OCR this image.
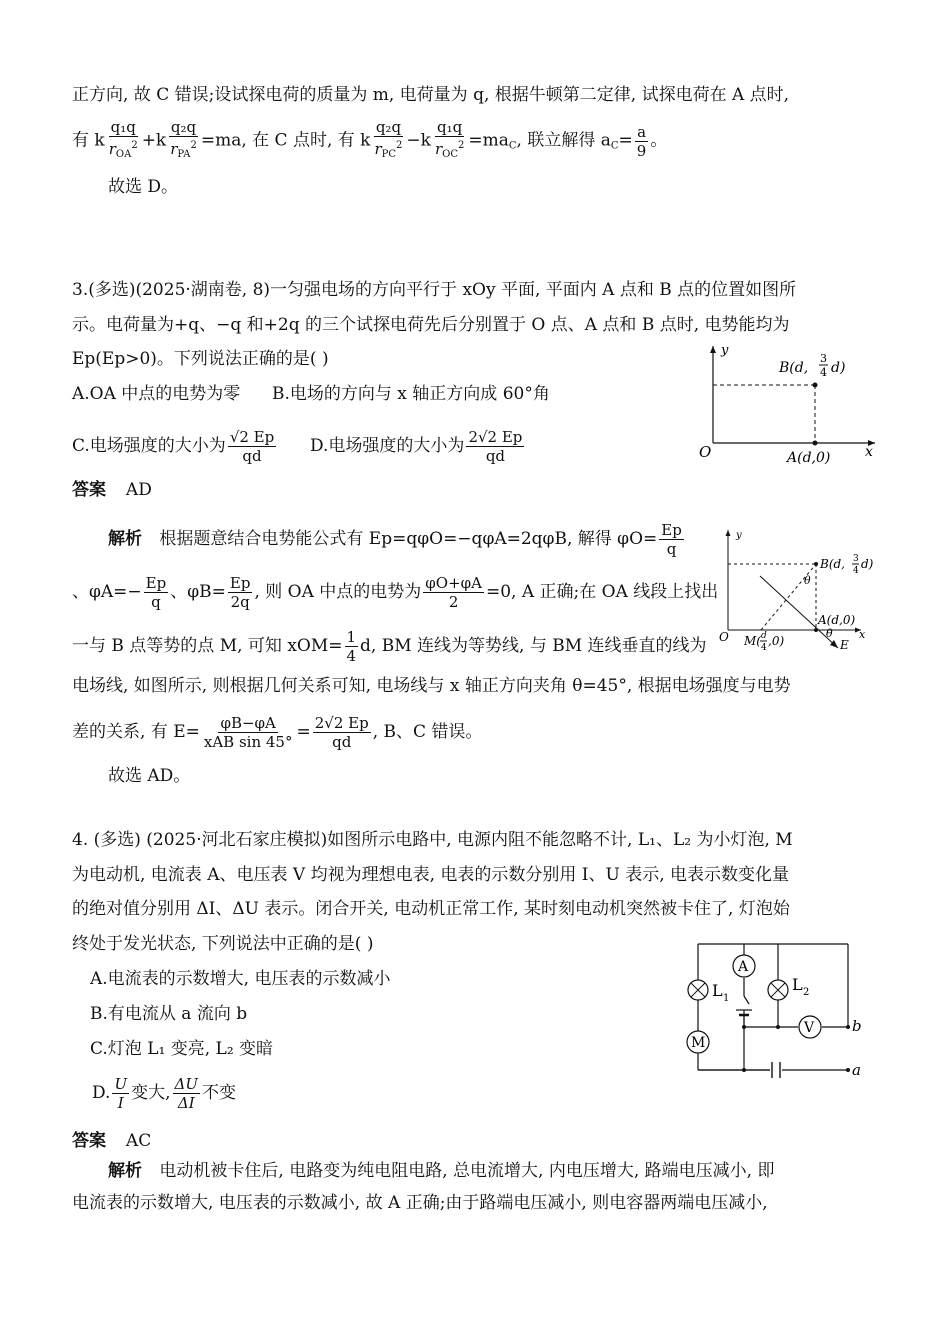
正方向, 故 C 错误;设试探电荷的质量为 m, 电荷量为 q, 根据牛顿第二定律, 试探电荷在 A 点时,
有 k $\frac{\text{q₁q}}{r_{OA}^2} +k \frac{\text{q₂q}}{r_{PA}^2} =ma$, 在 C 点时, 有 k $\frac{\text{q₂q}}{r_{PC}^2} -k \frac{\text{q₁q}}{r_{OC}^2} =ma_C$, 联立解得 $a_C= \frac{a}{9}$ 。
故选 D。
3.(多选)(2025·湖南卷, 8)一匀强电场的方向平行于 xOy 平面, 平面内 A 点和 B 点的位置如图所
示。电荷量为+q、−q 和+2q 的三个试探电荷先后分别置于 O 点、A 点和 B 点时, 电势能均为
Ep(Ep>0)。下列说法正确的是( )
A.OA 中点的电势为零 B.电场的方向与 x 轴正方向成 60°角
C.电场强度的大小为 $\frac{√2 Ep}{qd} D$.电场强度的大小为 $\frac{2√2 Ep}{qd}$
y
x
O
B(d,
3
4 d)
A(d,0)
答案 AD
解析 根据题意结合电势能公式有 Ep=qφO=−qφA=2qφB, 解得 $\varphi O= \frac{Ep}{q}$
、$\varphi A=- \frac{Ep}{q}$ 、$\varphi B= \frac{Ep}{2q}$ , 则 OA 中点的电势为 $\frac{\varphi O+\varphi A}{2} =0$, A 正确;在 OA 线段上找出
一与 B 点等势的点 M, 可知 $xOM= \frac{1}{4} d$, BM 连线为等势线, 与 BM 连线垂直的线为
电场线, 如图所示, 则根据几何关系可知, 电场线与 x 轴正方向夹角 θ=45°, 根据电场强度与电势
差的关系, 有 $E= \frac{\varphi B-\varphi A}{\text{xAB sin 45°}} = \frac{2√2 Ep}{qd}$ , B、C 错误。
故选 AD。
y
x
O
B(d, 3
4 d)
θ
A(d,0)
θ
M( d
4 ,0)	E
4. (多选) (2025·河北石家庄模拟)如图所示电路中, 电源内阻不能忽略不计, L₁、L₂ 为小灯泡, M
为电动机, 电流表 A、电压表 V 均视为理想电表, 电表的示数分别用 I、U 表示, 电表示数变化量
的绝对值分别用 ΔI、ΔU 表示。闭合开关, 电动机正常工作, 某时刻电动机突然被卡住了, 灯泡始
终处于发光状态, 下列说法中正确的是( )
A.电流表的示数增大, 电压表的示数减小
B.有电流从 a 流向 b
C.灯泡 L₁ 变亮, L₂ 变暗
D. $\frac{U}{I}$ 变大, $\frac{\Delta U}{\Delta I}$ 不变
A
V
M
L 1
L 2
b
a
答案 AC
解析 电动机被卡住后, 电路变为纯电阻电路, 总电流增大, 内电压增大, 路端电压减小, 即
电流表的示数增大, 电压表的示数减小, 故 A 正确;由于路端电压减小, 则电容器两端电压减小,
